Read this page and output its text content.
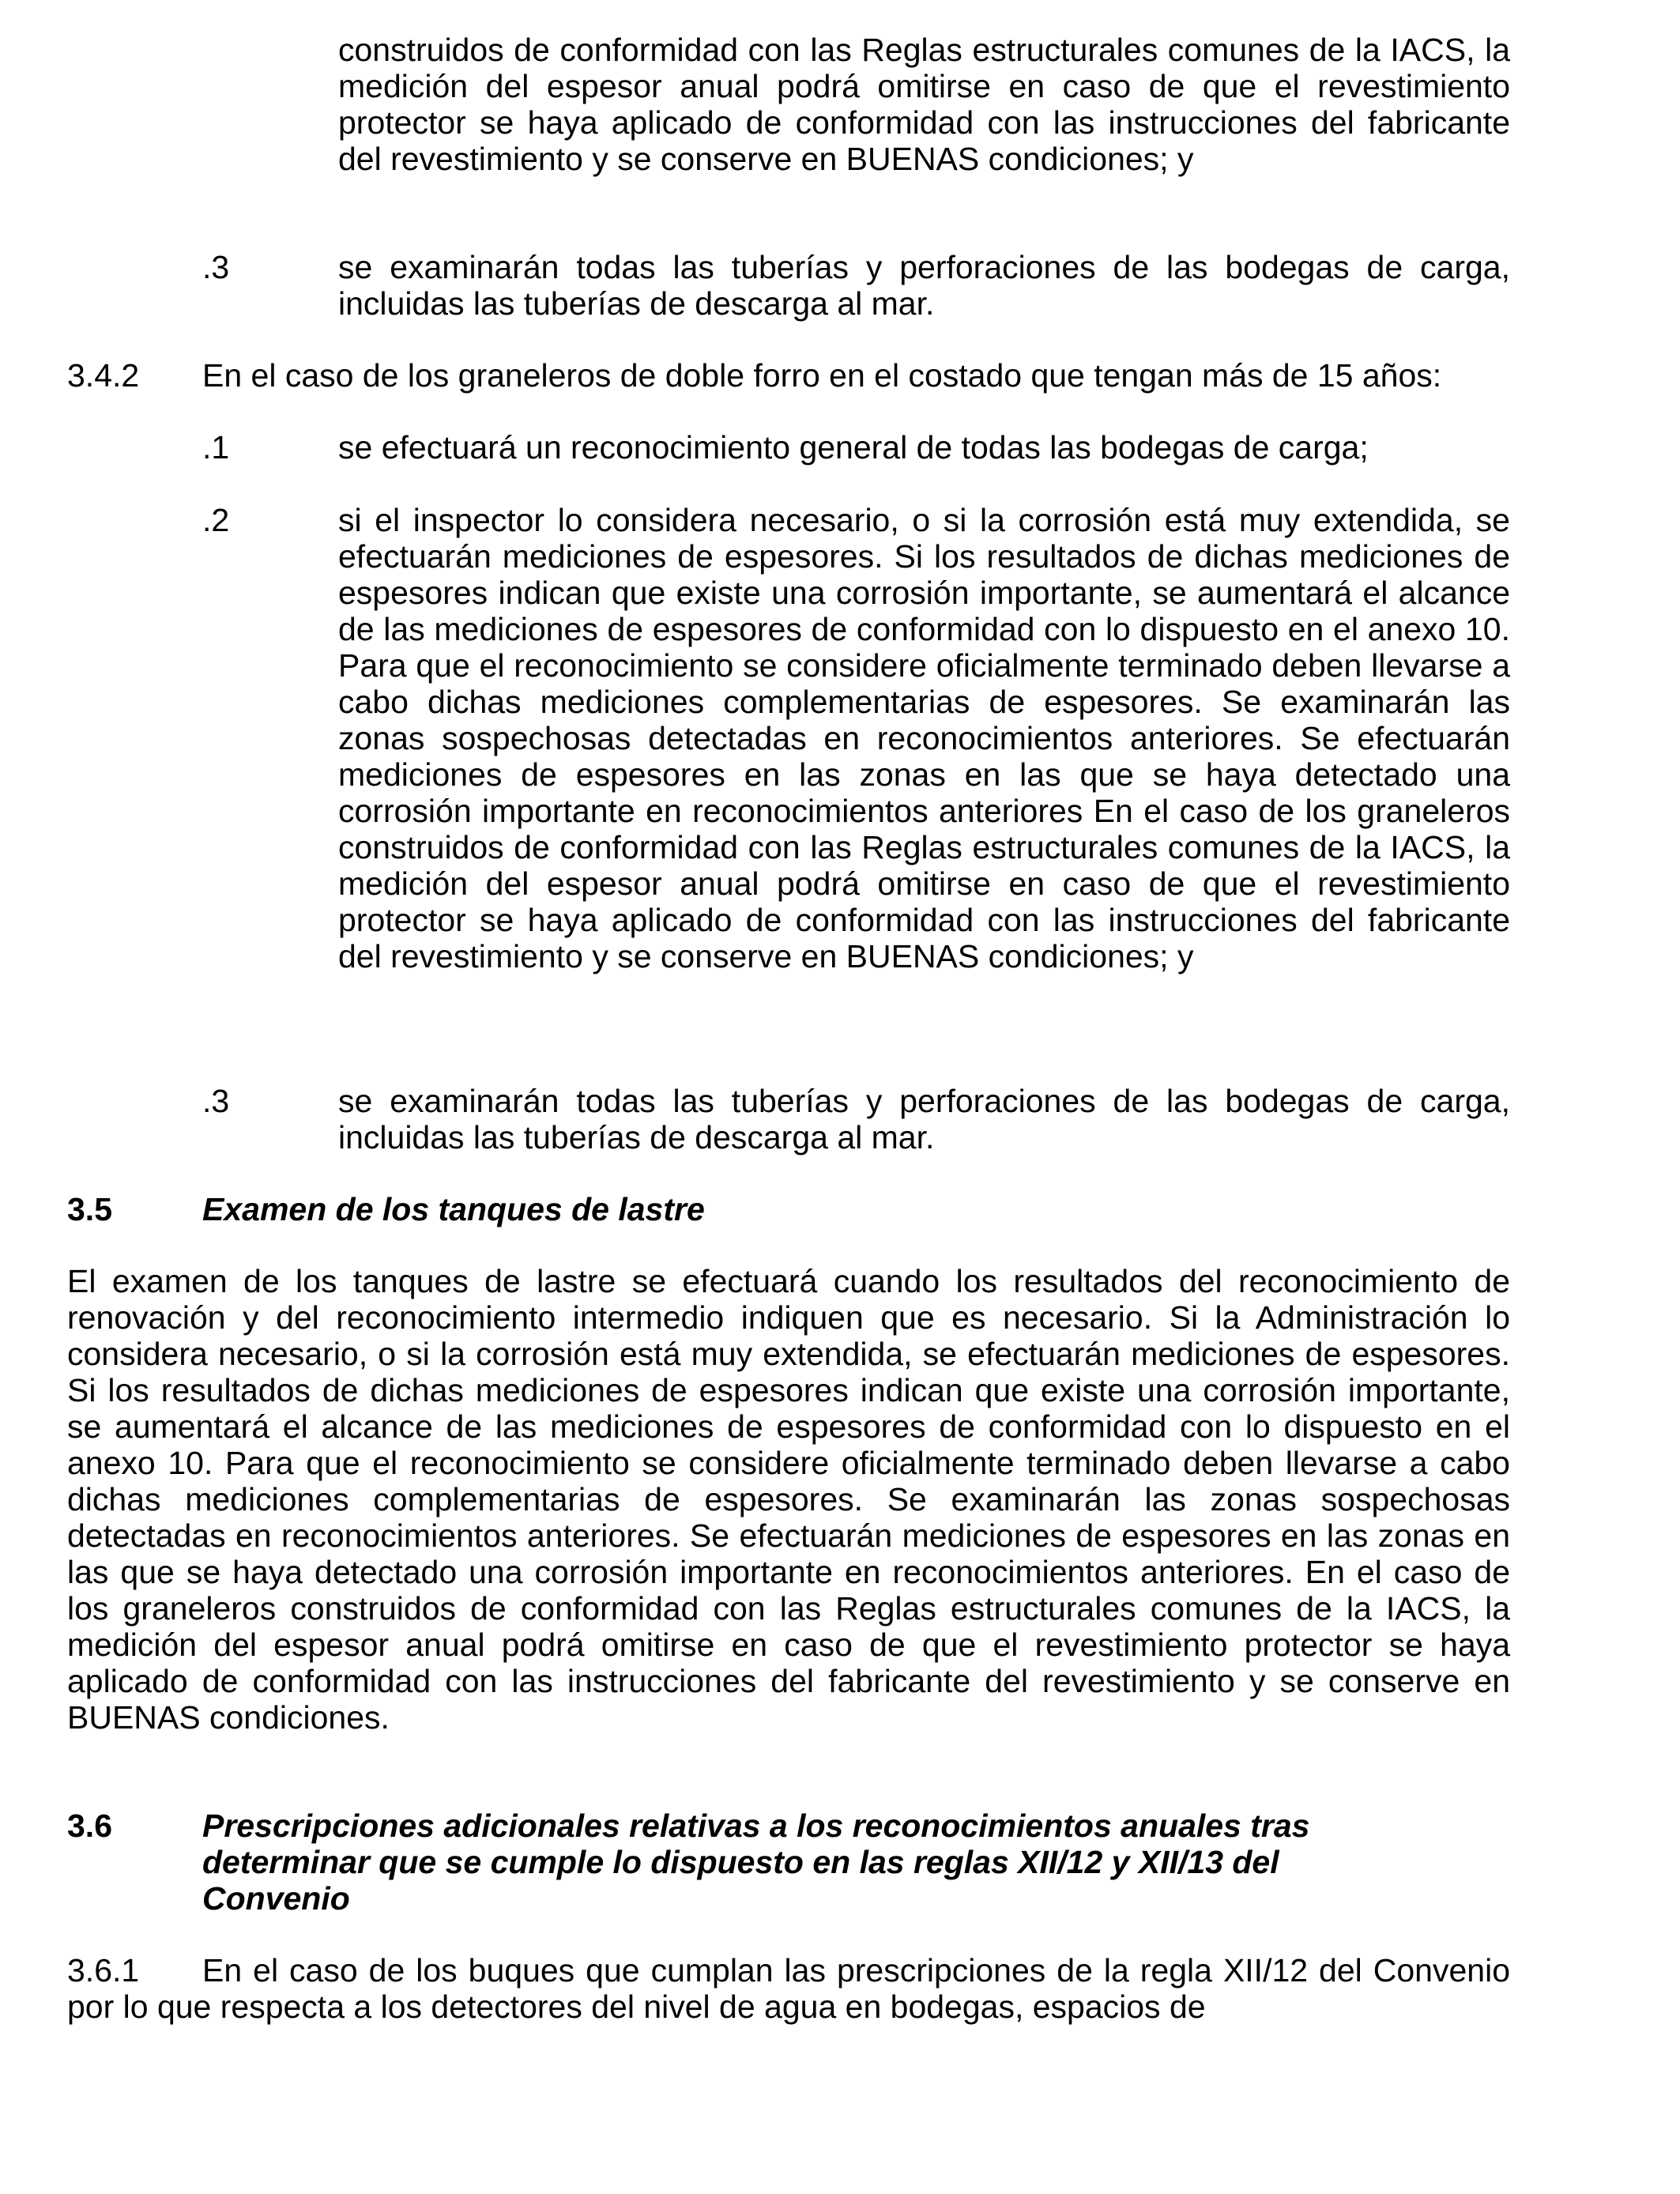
construidos de conformidad con las Reglas estructurales comunes de la IACS, la medición del espesor anual podrá omitirse en caso de que el revestimiento protector se haya aplicado de conformidad con las instrucciones del fabricante del revestimiento y se conserve en BUENAS condiciones; y

.3	se examinarán todas las tuberías y perforaciones de las bodegas de carga, incluidas las tuberías de descarga al mar.

3.4.2 En el caso de los graneleros de doble forro en el costado que tengan más de 15 años:

.1	se efectuará un reconocimiento general de todas las bodegas de carga;

.2	si el inspector lo considera necesario, o si la corrosión está muy extendida, se efectuarán mediciones de espesores. Si los resultados de dichas mediciones de espesores indican que existe una corrosión importante, se aumentará el alcance de las mediciones de espesores de conformidad con lo dispuesto en el anexo 10. Para que el reconocimiento se considere oficialmente terminado deben llevarse a cabo dichas mediciones complementarias de espesores. Se examinarán las zonas sospechosas detectadas en reconocimientos anteriores. Se efectuarán mediciones de espesores en las zonas en las que se haya detectado una corrosión importante en reconocimientos anteriores En el caso de los graneleros construidos de conformidad con las Reglas estructurales comunes de la IACS, la medición del espesor anual podrá omitirse en caso de que el revestimiento protector se haya aplicado de conformidad con las instrucciones del fabricante del revestimiento y se conserve en BUENAS condiciones; y

.3	se examinarán todas las tuberías y perforaciones de las bodegas de carga, incluidas las tuberías de descarga al mar.

3.5	Examen de los tanques de lastre

El examen de los tanques de lastre se efectuará cuando los resultados del reconocimiento de renovación y del reconocimiento intermedio indiquen que es necesario. Si la Administración lo considera necesario, o si la corrosión está muy extendida, se efectuarán mediciones de espesores. Si los resultados de dichas mediciones de espesores indican que existe una corrosión importante, se aumentará el alcance de las mediciones de espesores de conformidad con lo dispuesto en el anexo 10. Para que el reconocimiento se considere oficialmente terminado deben llevarse a cabo dichas mediciones complementarias de espesores. Se examinarán las zonas sospechosas detectadas en reconocimientos anteriores. Se efectuarán mediciones de espesores en las zonas en las que se haya detectado una corrosión importante en reconocimientos anteriores. En el caso de los graneleros construidos de conformidad con las Reglas estructurales comunes de la IACS, la medición del espesor anual podrá omitirse en caso de que el revestimiento protector se haya aplicado de conformidad con las instrucciones del fabricante del revestimiento y se conserve en BUENAS condiciones.

3.6	Prescripciones adicionales relativas a los reconocimientos anuales tras determinar que se cumple lo dispuesto en las reglas XII/12 y XII/13 del Convenio

3.6.1 En el caso de los buques que cumplan las prescripciones de la regla XII/12 del Convenio por lo que respecta a los detectores del nivel de agua en bodegas, espacios de
